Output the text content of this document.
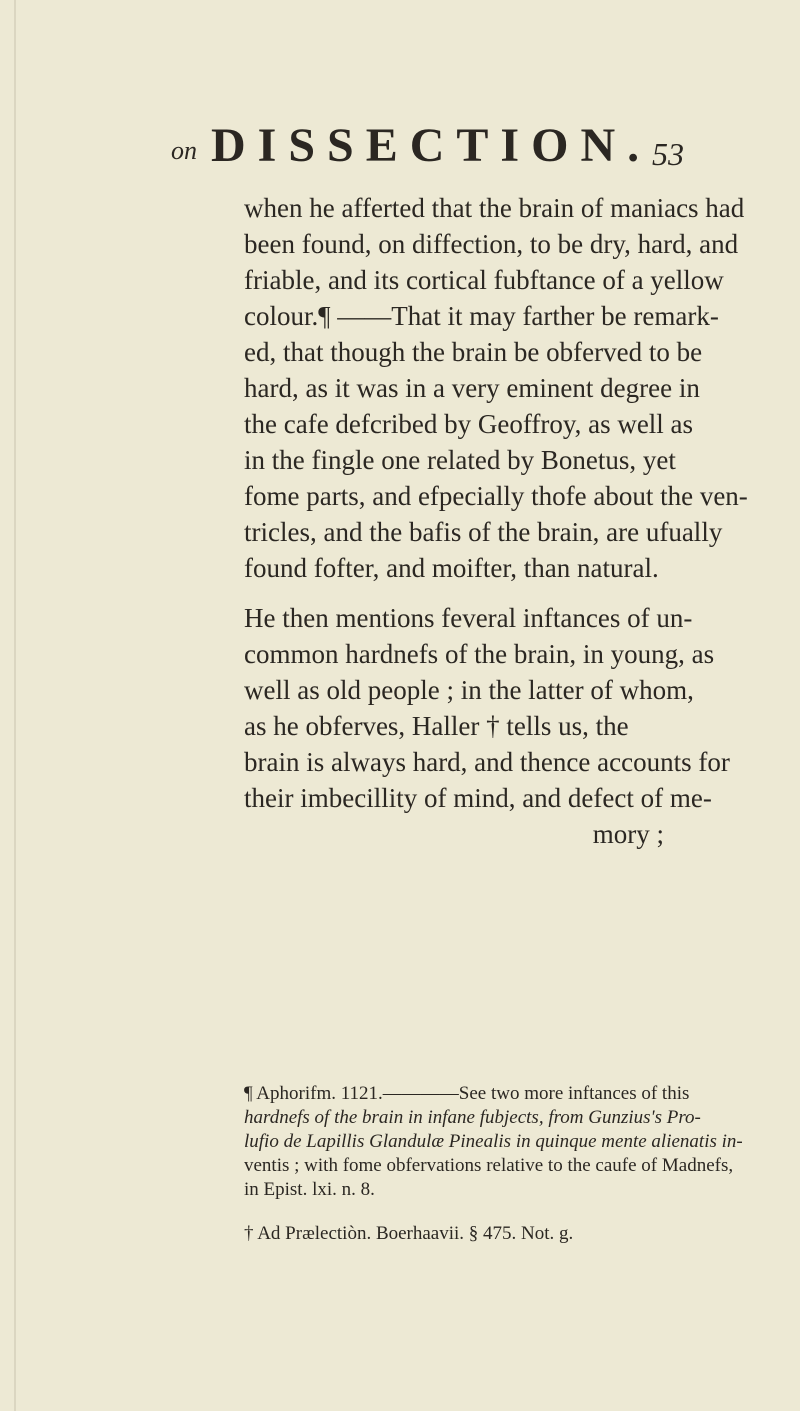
on DISSECTION. 53
when he afferted that the brain of maniacs had
been found, on diffection, to be dry, hard, and
friable, and its cortical fubftance of a yellow
colour.¶ ——That it may farther be remark-
ed, that though the brain be obferved to be
hard, as it was in a very eminent degree in
the cafe defcribed by Geoffroy, as well as
in the fingle one related by Bonetus, yet
fome parts, and efpecially thofe about the ven-
tricles, and the bafis of the brain, are ufually
found fofter, and moifter, than natural.
He then mentions feveral inftances of un-
common hardnefs of the brain, in young, as
well as old people ; in the latter of whom,
as he obferves, Haller † tells us, the
brain is always hard, and thence accounts for
their imbecillity of mind, and defect of me-
mory ;
¶ Aphorifm. 1121.————See two more inftances of this
hardnefs of the brain in infane fubjects, from Gunzius's Pro-
lufio de Lapillis Glandulæ Pinealis in quinque mente alienatis in-
ventis ; with fome obfervations relative to the caufe of Madnefs,
in Epist. lxi. n. 8.
† Ad Prælectiòn. Boerhaavii. § 475. Not. g.
